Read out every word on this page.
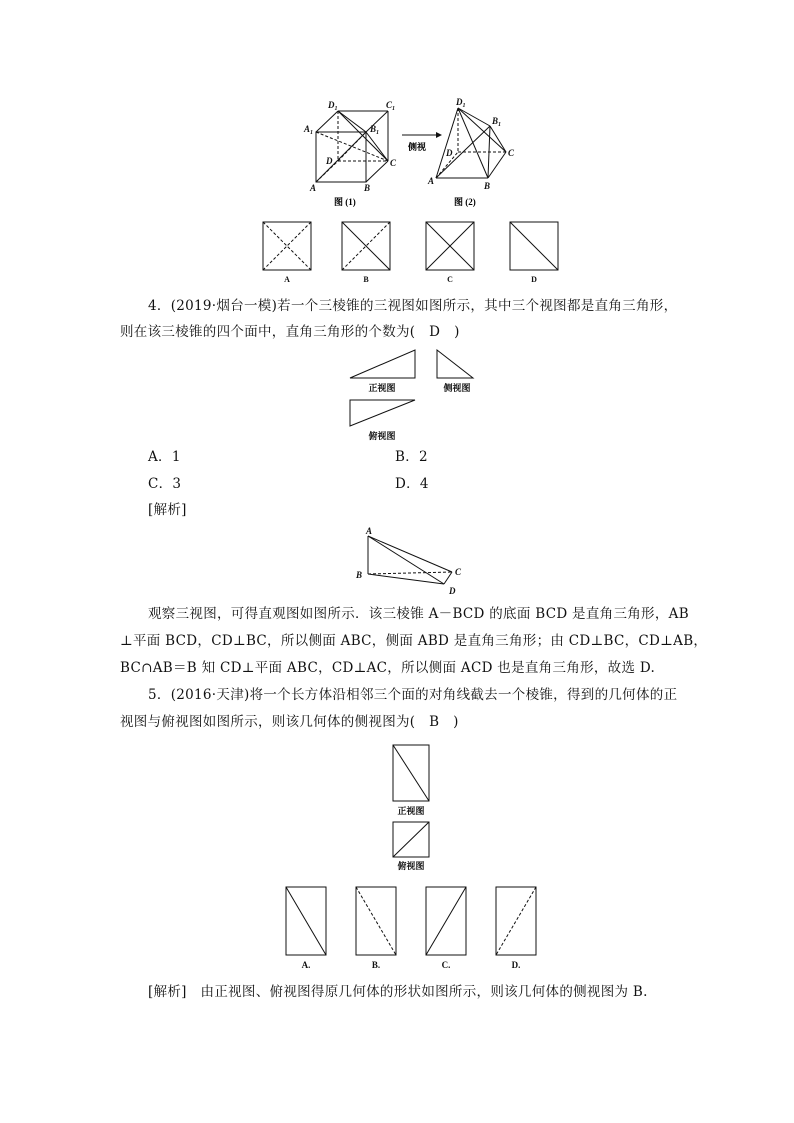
$D_1$	$C_1$
$A_1$	$B_1$
D	C
A	B
图 (1)
侧视
$D_1$
$B_1$
D	C
A	B
图 (2)
A	B	C	D
4．(2019·烟台一模)若一个三棱锥的三视图如图所示，其中三个视图都是直角三角形，
则在该三棱锥的四个面中，直角三角形的个数为(　D　)
正视图	侧视图
俯视图
A．1	B．2
C．3	D．4
[解析]
A
B	C
D
观察三视图，可得直观图如图所示．该三棱锥 A－BCD 的底面 BCD 是直角三角形，AB
⊥平面 BCD，CD⊥BC，所以侧面 ABC，侧面 ABD 是直角三角形；由 CD⊥BC，CD⊥AB，
BC∩AB＝B 知 CD⊥平面 ABC，CD⊥AC，所以侧面 ACD 也是直角三角形，故选 D.
5．(2016·天津)将一个长方体沿相邻三个面的对角线截去一个棱锥，得到的几何体的正
视图与俯视图如图所示，则该几何体的侧视图为(　B　)
正视图
俯视图
A.	B.	C.	D.
[解析]　由正视图、俯视图得原几何体的形状如图所示，则该几何体的侧视图为 B.
